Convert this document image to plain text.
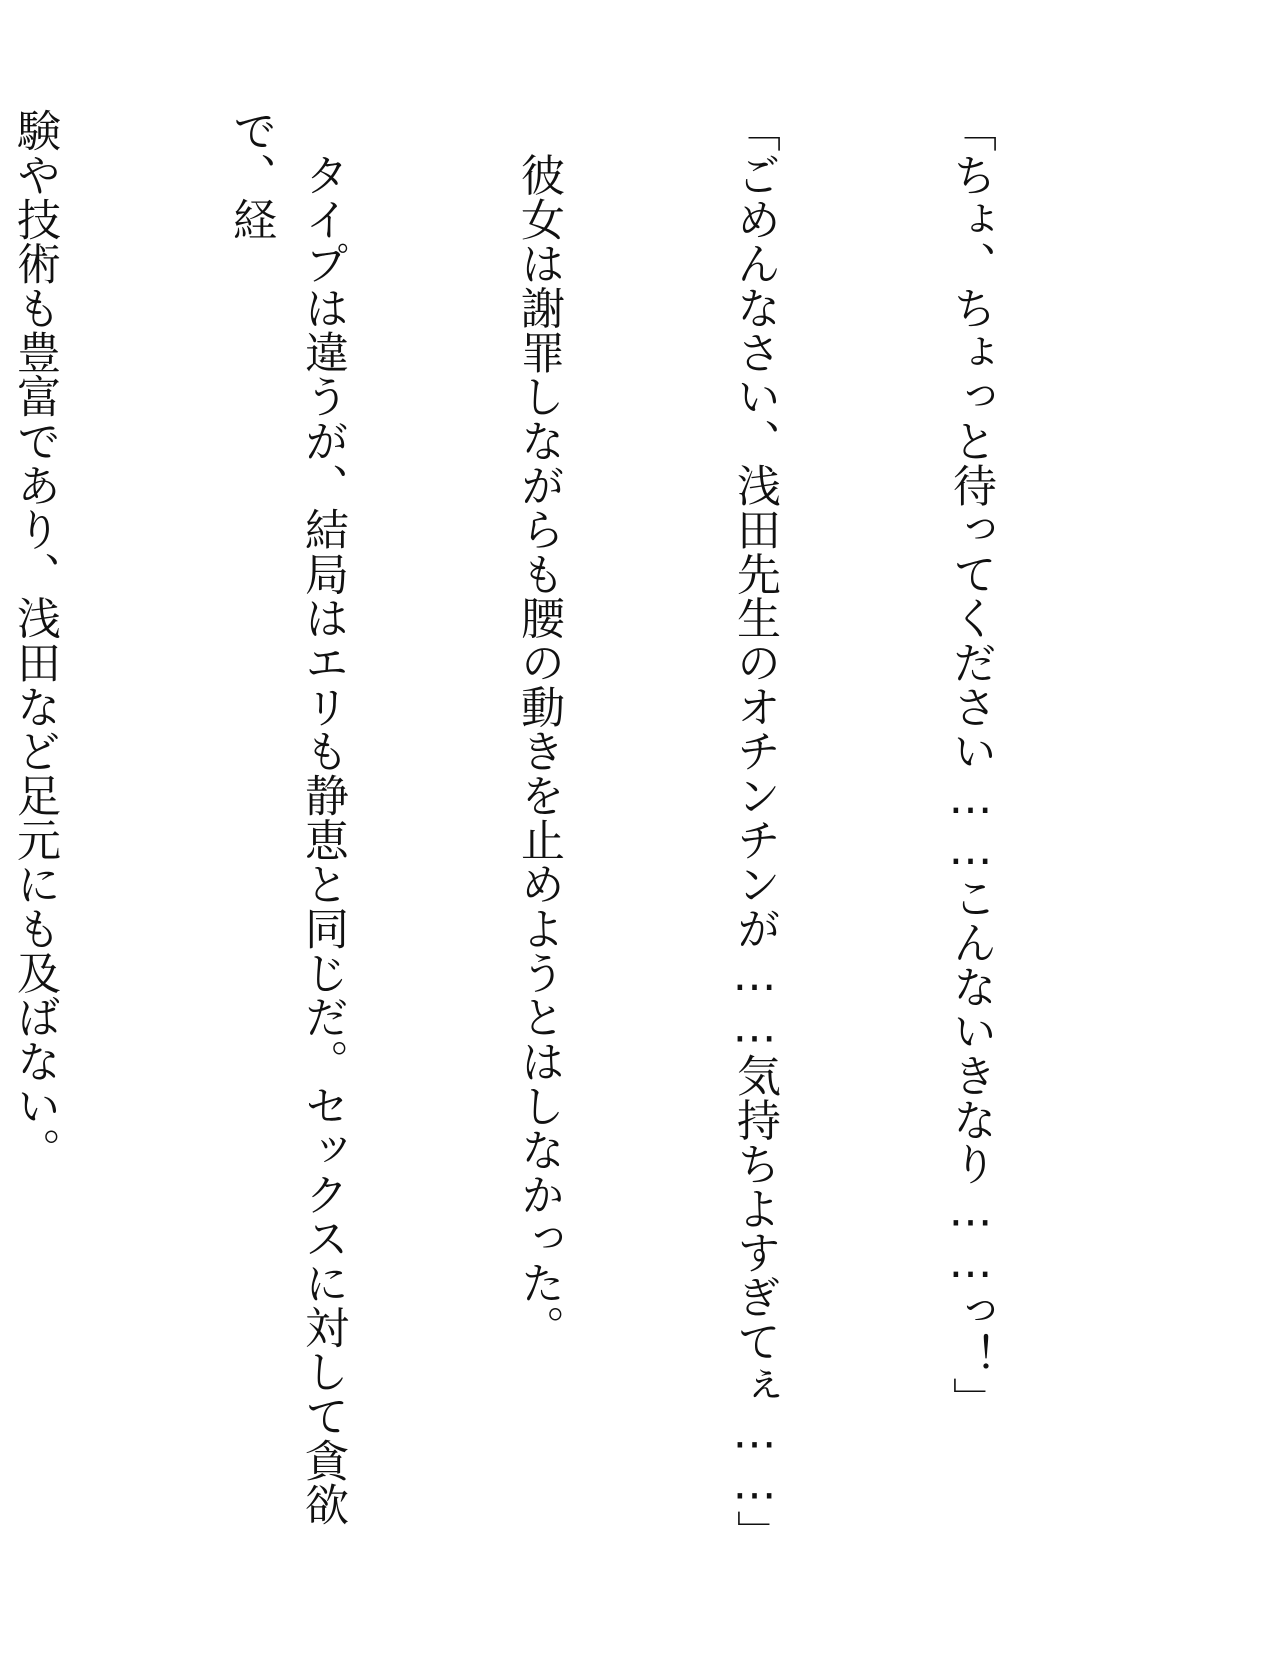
「ちょ、ちょっと待ってください……こんないきなり……っ！」

「ごめんなさい、浅田先生のオチンチンが……気持ちよすぎてぇ……」

　彼女は謝罪しながらも腰の動きを止めようとはしなかった。

　タイプは違うが、結局はエリも静恵と同じだ。セックスに対して貪欲で、経

験や技術も豊富であり、浅田など足元にも及ばない。
